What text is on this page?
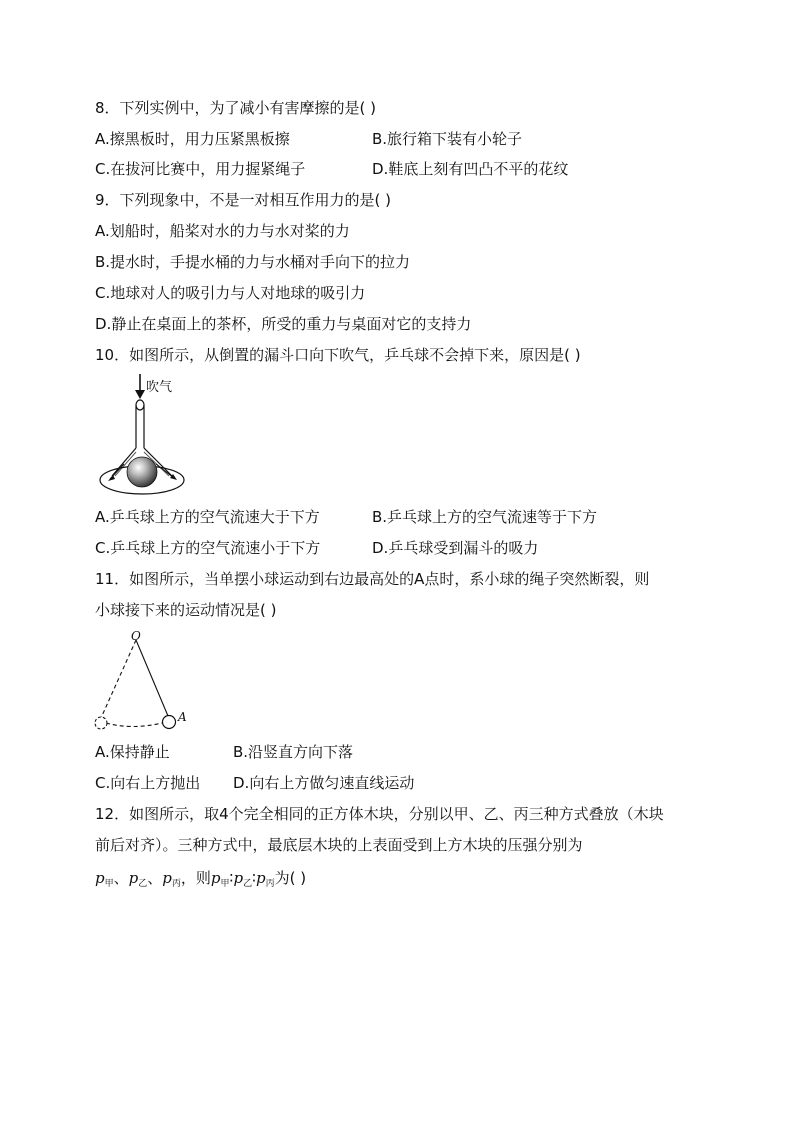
8．下列实例中，为了减小有害摩擦的是( )
A.擦黑板时，用力压紧黑板擦	B.旅行箱下装有小轮子
C.在拔河比赛中，用力握紧绳子	D.鞋底上刻有凹凸不平的花纹
9．下列现象中，不是一对相互作用力的是( )
A.划船时，船桨对水的力与水对桨的力
B.提水时，手提水桶的力与水桶对手向下的拉力
C.地球对人的吸引力与人对地球的吸引力
D.静止在桌面上的茶杯，所受的重力与桌面对它的支持力
10．如图所示，从倒置的漏斗口向下吹气，乒乓球不会掉下来，原因是( )
吹气
A.乒乓球上方的空气流速大于下方	B.乒乓球上方的空气流速等于下方
C.乒乓球上方的空气流速小于下方	D.乒乓球受到漏斗的吸力
11．如图所示，当单摆小球运动到右边最高处的A点时，系小球的绳子突然断裂，则
小球接下来的运动情况是( )
O
A
A.保持静止	B.沿竖直方向下落
C.向右上方抛出 D.向右上方做匀速直线运动
12．如图所示，取4个完全相同的正方体木块，分别以甲、乙、丙三种方式叠放（木块
前后对齐）。三种方式中，最底层木块的上表面受到上方木块的压强分别为
$p_甲$、$p_乙$、$p_丙$，则$p_甲∶p_乙∶p_丙$为( )
